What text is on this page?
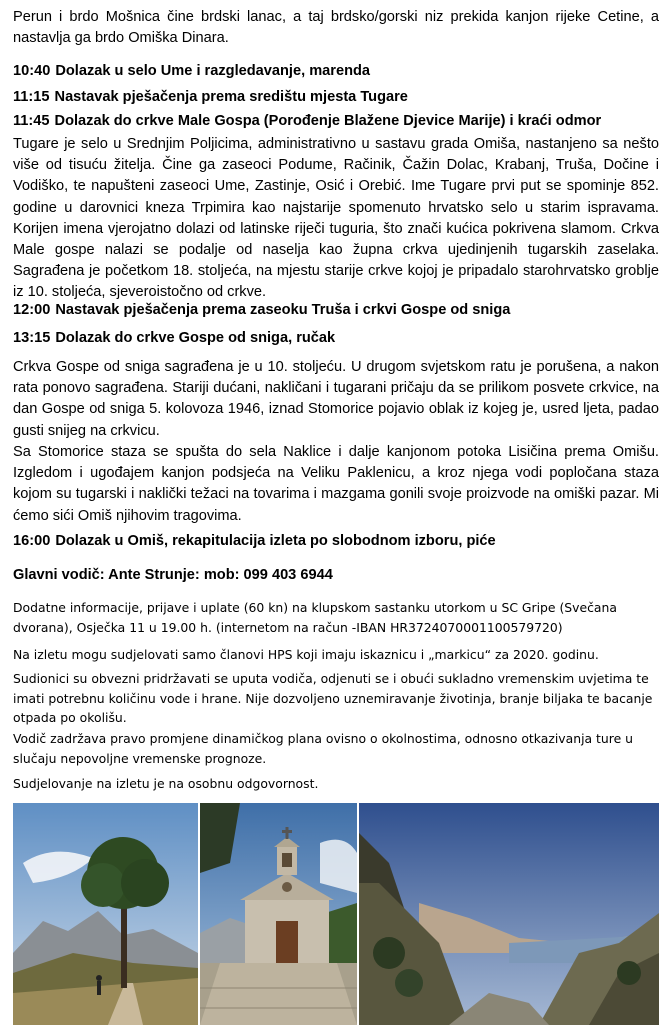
Perun i brdo Mošnica čine brdski lanac, a taj brdsko/gorski niz prekida kanjon rijeke Cetine, a nastavlja ga brdo Omiška Dinara.

10:40 Dolazak u selo Ume i razgledavanje, marenda
11:15 Nastavak pješačenja prema središtu mjesta Tugare
11:45 Dolazak do crkve Male Gospa (Porođenje Blažene Djevice Marije) i kraći odmor

Tugare je selo u Srednjim Poljicima, administrativno u sastavu grada Omiša, nastanjeno sa nešto više od tisuću žitelja. Čine ga zaseoci Podume, Račinik, Čažin Dolac, Krabanj, Truša, Dočine i Vodiško, te napušteni zaseoci Ume, Zastinje, Osić i Orebić. Ime Tugare prvi put se spominje 852. godine u darovnici kneza Trpimira kao najstarije spomenuto hrvatsko selo u starim ispravama. Korijen imena vjerojatno dolazi od latinske riječi tuguria, što znači kućica pokrivena slamom. Crkva Male gospe nalazi se podalje od naselja kao župna crkva ujedinjenih tugarskih zaselaka. Sagrađena je početkom 18. stoljeća, na mjestu starije crkve kojoj je pripadalo starohrvatsko groblje iz 10. stoljeća, sjeveroistočno od crkve.

12:00 Nastavak pješačenja prema zaseoku Truša i crkvi Gospe od sniga
13:15 Dolazak do crkve Gospe od sniga, ručak

Crkva Gospe od sniga sagrađena je u 10. stoljeću. U drugom svjetskom ratu je porušena, a nakon rata ponovo sagrađena. Stariji dućani, nakličani i tugarani pričaju da se prilikom posvete crkvice, na dan Gospe od sniga 5. kolovoza 1946, iznad Stomorice pojavio oblak iz kojeg je, usred ljeta, padao gusti snijeg na crkvicu.

Sa Stomorice staza se spušta do sela Naklice i dalje kanjonom potoka Lisičina prema Omišu. Izgledom i ugođajem kanjon podsjeća na Veliku Paklenicu, a kroz njega vodi popločana staza kojom su tugarski i naklički težaci na tovarima i mazgama gonili svoje proizvode na omiški pazar. Mi ćemo sići Omiš njihovim tragovima.

16:00 Dolazak u Omiš, rekapitulacija izleta po slobodnom izboru, piće
Glavni vodič: Ante Strunje: mob: 099 403 6944

Dodatne informacije, prijave i uplate (60 kn) na klupskom sastanku utorkom u SC Gripe (Svečana dvorana), Osječka 11 u 19.00 h. (internetom na račun -IBAN HR3724070001100579720)

Na izletu mogu sudjelovati samo članovi HPS koji imaju iskaznicu i „markicu“ za 2020. godinu.

Sudionici su obvezni pridržavati se uputa vodiča, odjenuti se i obući sukladno vremenskim uvjetima te imati potrebnu količinu vode i hrane. Nije dozvoljeno uznemiravanje životinja, branje biljaka te bacanje otpada po okolišu.

Vodič zadržava pravo promjene dinamičkog plana ovisno o okolnostima, odnosno otkazivanja ture u slučaju nepovoljne vremenske prognoze.

Sudjelovanje na izletu je na osobnu odgovornost.
